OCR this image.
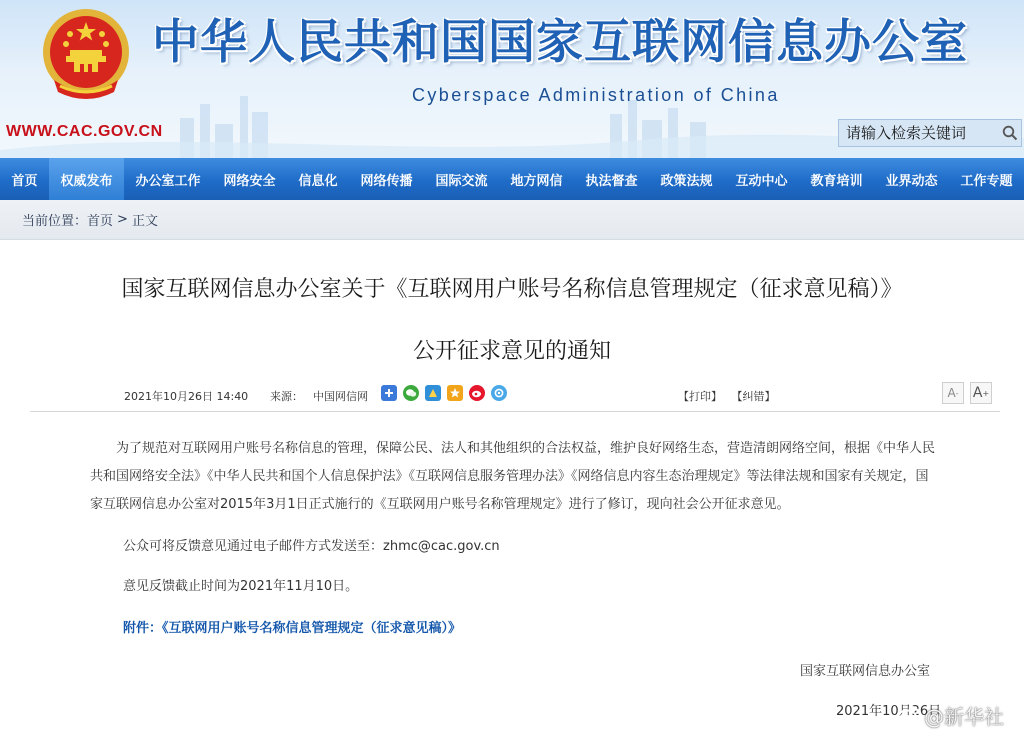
中华人民共和国国家互联网信息办公室
Cyberspace Administration of China
WWW.CAC.GOV.CN
请输入检索关键词
首页	权威发布	办公室工作	网络安全	信息化	网络传播	国际交流	地方网信	执法督查	政策法规	互动中心	教育培训	业界动态	工作专题
当前位置： 首页 > 正文
国家互联网信息办公室关于《互联网用户账号名称信息管理规定（征求意见稿）》
公开征求意见的通知
2021年10月26日 14:40 来源： 中国网信网	【打印】 【纠错】	A - A +

为了规范对互联网用户账号名称信息的管理，保障公民、法人和其他组织的合法权益，维护良好网络生态，营造清朗网络空间，根据《中华人民共和国网络安全法》《中华人民共和国个人信息保护法》《互联网信息服务管理办法》《网络信息内容生态治理规定》等法律法规和国家有关规定，国家互联网信息办公室对2015年3月1日正式施行的《互联网用户账号名称管理规定》进行了修订，现向社会公开征求意见。

公众可将反馈意见通过电子邮件方式发送至：zhmc@cac.gov.cn

意见反馈截止时间为2021年11月10日。

附件：《互联网用户账号名称信息管理规定（征求意见稿）》

国家互联网信息办公室
2021年10月26日
@新华社
